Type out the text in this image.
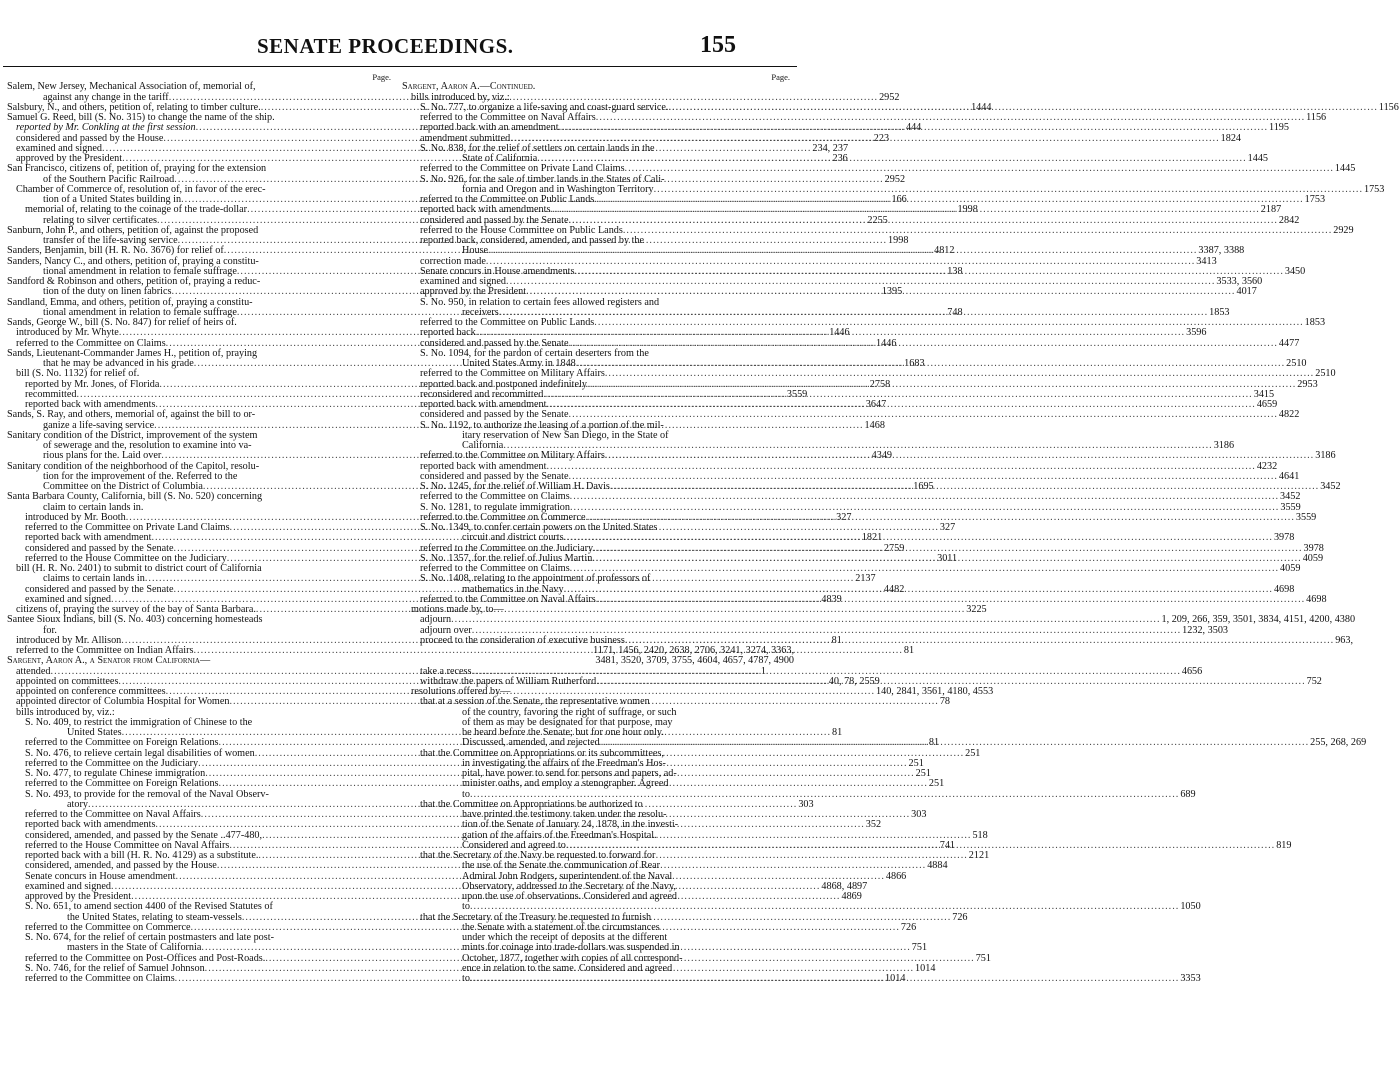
SENATE PROCEEDINGS.	155
Page.
Salem, New Jersey, Mechanical Association of, memorial of,
against any change in the tariff .....	2952
Salsbury, N., and others, petition of, relating to timber culture. .....	1444
Samuel G. Reed, bill (S. No. 315) to change the name of the ship.
reported by Mr. Conkling at the first session .....	444
considered and passed by the House .....	223
examined and signed .....	234, 237
approved by the President .....	236
San Francisco, citizens of, petition of, praying for the extension
of the Southern Pacific Railroad .....	2952
Chamber of Commerce of, resolution of, in favor of the erec-
tion of a United States building in .....	166
memorial of, relating to the coinage of the trade-dollar .....	1998
relating to silver certificates .....	2255
Sanburn, John P., and others, petition of, against the proposed
transfer of the life-saving service .....	1998
Sanders, Benjamin, bill (H. R. No. 3676) for relief of .....	4812
Sanders, Nancy C., and others, petition of, praying a constitu-
tional amendment in relation to female suffrage .....	138
Sandford & Robinson and others, petition of, praying a reduc-
tion of the duty on linen fabrics .....	1395
Sandland, Emma, and others, petition of, praying a constitu-
tional amendment in relation to female suffrage .....	748
Sands, George W., bill (S. No. 847) for relief of heirs of.
introduced by Mr. Whyte .....	1446
referred to the Committee on Claims .....	1446
Sands, Lieutenant-Commander James H., petition of, praying
that he may be advanced in his grade .....	1683
bill (S. No. 1132) for relief of.
reported by Mr. Jones, of Florida .....	2758
recommitted .....	3559
reported back with amendments .....	3647
Sands, S. Ray, and others, memorial of, against the bill to or-
ganize a life-saving service .....	1468
Sanitary condition of the District, improvement of the system
of sewerage and the, resolution to examine into va-
rious plans for the. Laid over .....	4349
Sanitary condition of the neighborhood of the Capitol, resolu-
tion for the improvement of the. Referred to the
Committee on the District of Columbia .....	1695
Santa Barbara County, California, bill (S. No. 520) concerning
claim to certain lands in.
introduced by Mr. Booth .....	327
referred to the Committee on Private Land Claims .....	327
reported back with amendment .....	1821
considered and passed by the Senate .....	2759
referred to the House Committee on the Judiciary .....	3011
bill (H. R. No. 2401) to submit to district court of California
claims to certain lands in .....	2137
considered and passed by the Senate .....	4482
examined and signed .....	4839
citizens of, praying the survey of the bay of Santa Barbara. .....	3225
Santee Sioux Indians, bill (S. No. 403) concerning homesteads
for.
introduced by Mr. Allison .....	81
referred to the Committee on Indian Affairs .....	81
Sargent, Aaron A., a Senator from California—
attended .....	1
appointed on committees .....	40, 78, 2559
appointed on conference committees .....	140, 2841, 3561, 4180, 4553
appointed director of Columbia Hospital for Women .....	78
bills introduced by, viz.:
S. No. 409, to restrict the immigration of Chinese to the
United States .....	81
referred to the Committee on Foreign Relations .....	81
S. No. 476, to relieve certain legal disabilities of women .....	251
referred to the Committee on the Judiciary .....	251
S. No. 477, to regulate Chinese immigration .....	251
referred to the Committee on Foreign Relations .....	251
S. No. 493, to provide for the removal of the Naval Observ-
atory .....	303
referred to the Committee on Naval Affairs .....	303
reported back with amendments .....	352
considered, amended, and passed by the Senate ..477-480, .....	518
referred to the House Committee on Naval Affairs .....	741
reported back with a bill (H. R. No. 4129) as a substitute. .....	2121
considered, amended, and passed by the House .....	4884
Senate concurs in House amendment .....	4866
examined and signed .....	4868, 4897
approved by the President .....	4869
S. No. 651, to amend section 4400 of the Revised Statutes of
the United States, relating to steam-vessels .....	726
referred to the Committee on Commerce .....	726
S. No. 674, for the relief of certain postmasters and late post-
masters in the State of California .....	751
referred to the Committee on Post-Offices and Post-Roads. .....	751
S. No. 746, for the relief of Samuel Johnson .....	1014
referred to the Committee on Claims .....	1014
Page.
Sargent, Aaron A.—Continued.
bills introduced by, viz.:
S. No. 777, to organize a life-saving and coast-guard service. .....	1156
referred to the Committee on Naval Affairs .....	1156
reported back with an amendment .....	1195
amendment submitted .....	1824
S. No. 838, for the relief of settlers on certain lands in the
State of California .....	1445
referred to the Committee on Private Land Claims .....	1445
S. No. 926, for the sale of timber lands in the States of Cali-
fornia and Oregon and in Washington Territory .....	1753
referred to the Committee on Public Lands .....	1753
reported back with amendments .....	2187
considered and passed by the Senate .....	2842
referred to the House Committee on Public Lands .....	2929
reported back, considered, amended, and passed by the
House .....	3387, 3388
correction made .....	3413
Senate concurs in House amendments .....	3450
examined and signed .....	3533, 3560
approved by the President .....	4017
S. No. 950, in relation to certain fees allowed registers and
receivers .....	1853
referred to the Committee on Public Lands .....	1853
reported back .....	3596
considered and passed by the Senate .....	4477
S. No. 1094, for the pardon of certain deserters from the
United States Army in 1848 .....	2510
referred to the Committee on Military Affairs .....	2510
reported back and postponed indefinitely .....	2953
reconsidered and recommitted .....	3415
reported back with amendment .....	4659
considered and passed by the Senate .....	4822
S. No. 1192, to authorize the leasing of a portion of the mil-
itary reservation of New San Diego, in the State of
California .....	3186
referred to the Committee on Military Affairs .....	3186
reported back with amendment .....	4232
considered and passed by the Senate .....	4641
S. No. 1245, for the relief of William H. Davis .....	3452
referred to the Committee on Claims .....	3452
S. No. 1281, to regulate immigration .....	3559
referred to the Committee on Commerce .....	3559
S. No. 1349, to confer certain powers on the United States
circuit and district courts .....	3978
referred to the Committee on the Judiciary .....	3978
S. No. 1357, for the relief of Julius Martin .....	4059
referred to the Committee on Claims .....	4059
S. No. 1408, relating to the appointment of professors of
mathematics in the Navy .....	4698
referred to the Committee on Naval Affairs .....	4698
motions made by, to—
adjourn .....	1, 209, 266, 359, 3501, 3834, 4151, 4200, 4380
adjourn over .....	1232, 3503
proceed to the consideration of executive business .....	963,
1171, 1456, 2420, 2638, 2706, 3241, 3274, 3363,
3481, 3520, 3709, 3755, 4604, 4657, 4787, 4900
take a recess .....	4656
withdraw the papers of William Rutherford .....	752
resolutions offered by—
that at a session of the Senate, the representative women
of the country, favoring the right of suffrage, or such
of them as may be designated for that purpose, may
be heard before the Senate; but for one hour only.
Discussed, amended, and rejected .....	255, 268, 269
that the Committee on Appropriations or its subcommittees,
in investigating the affairs of the Freedman's Hos-
pital, have power to send for persons and papers, ad-
minister oaths, and employ a stenographer. Agreed
to .....	689
that the Committee on Appropriations be authorized to
have printed the testimony taken under the resolu-
tion of the Senate of January 24, 1878, in the investi-
gation of the affairs of the Freedman's Hospital.
Considered and agreed to .....	819
that the Secretary of the Navy be requested to forward for
the use of the Senate the communication of Rear
Admiral John Rodgers, superintendent of the Naval
Observatory, addressed to the Secretary of the Navy,
upon the use of observations. Considered and agreed
to .....	1050
that the Secretary of the Treasury be requested to furnish
the Senate with a statement of the circumstances
under which the receipt of deposits at the different
mints for coinage into trade-dollars was suspended in
October, 1877, together with copies of all correspond-
ence in relation to the same. Considered and agreed
to .....	3353
